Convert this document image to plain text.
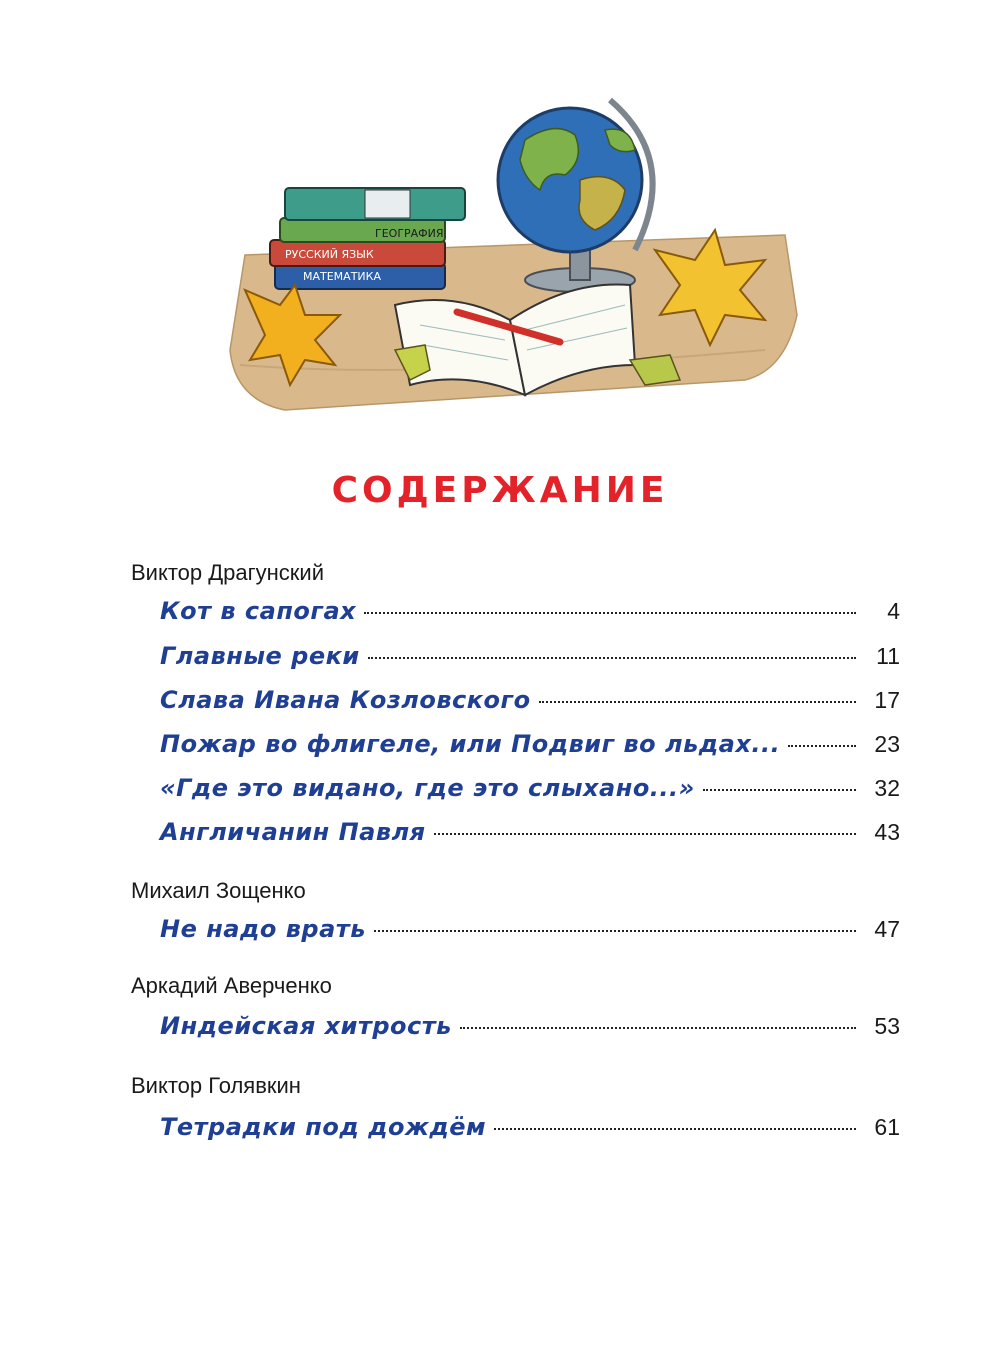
ГЕОГРАФИЯ
РУССКИЙ ЯЗЫК
МАТЕМАТИКА
СОДЕРЖАНИЕ
Виктор Драгунский
Кот в сапогах	4
Главные реки	11
Слава Ивана Козловского	17
Пожар во флигеле, или Подвиг во льдах...	23
«Где это видано, где это слыхано...»	32
Англичанин Павля	43
Михаил Зощенко
Не надо врать	47
Аркадий Аверченко
Индейская хитрость	53
Виктор Голявкин
Тетрадки под дождём	61
